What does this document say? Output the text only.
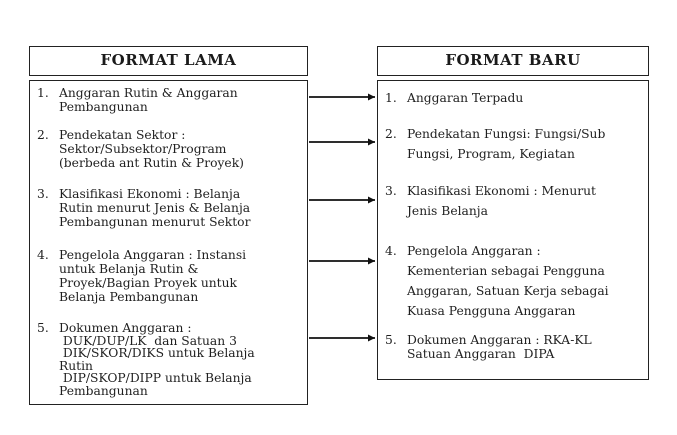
FORMAT LAMA
1. Anggaran Rutin & Anggaran
Pembangunan
2. Pendekatan Sektor :
Sektor/Subsektor/Program
(berbeda ant Rutin & Proyek)
3. Klasifikasi Ekonomi : Belanja
Rutin menurut Jenis & Belanja
Pembangunan menurut Sektor
4. Pengelola Anggaran : Instansi
untuk Belanja Rutin &
Proyek/Bagian Proyek untuk
Belanja Pembangunan
5. Dokumen Anggaran :
DUK/DUP/LK  dan Satuan 3
DIK/SKOR/DIKS untuk Belanja
Rutin
DIP/SKOP/DIPP untuk Belanja
Pembangunan
FORMAT BARU
1. Anggaran Terpadu
2. Pendekatan Fungsi: Fungsi/Sub
Fungsi, Program, Kegiatan
3. Klasifikasi Ekonomi : Menurut
Jenis Belanja
4. Pengelola Anggaran :
Kementerian sebagai Pengguna
Anggaran, Satuan Kerja sebagai
Kuasa Pengguna Anggaran
5. Dokumen Anggaran : RKA-KL
Satuan Anggaran  DIPA
